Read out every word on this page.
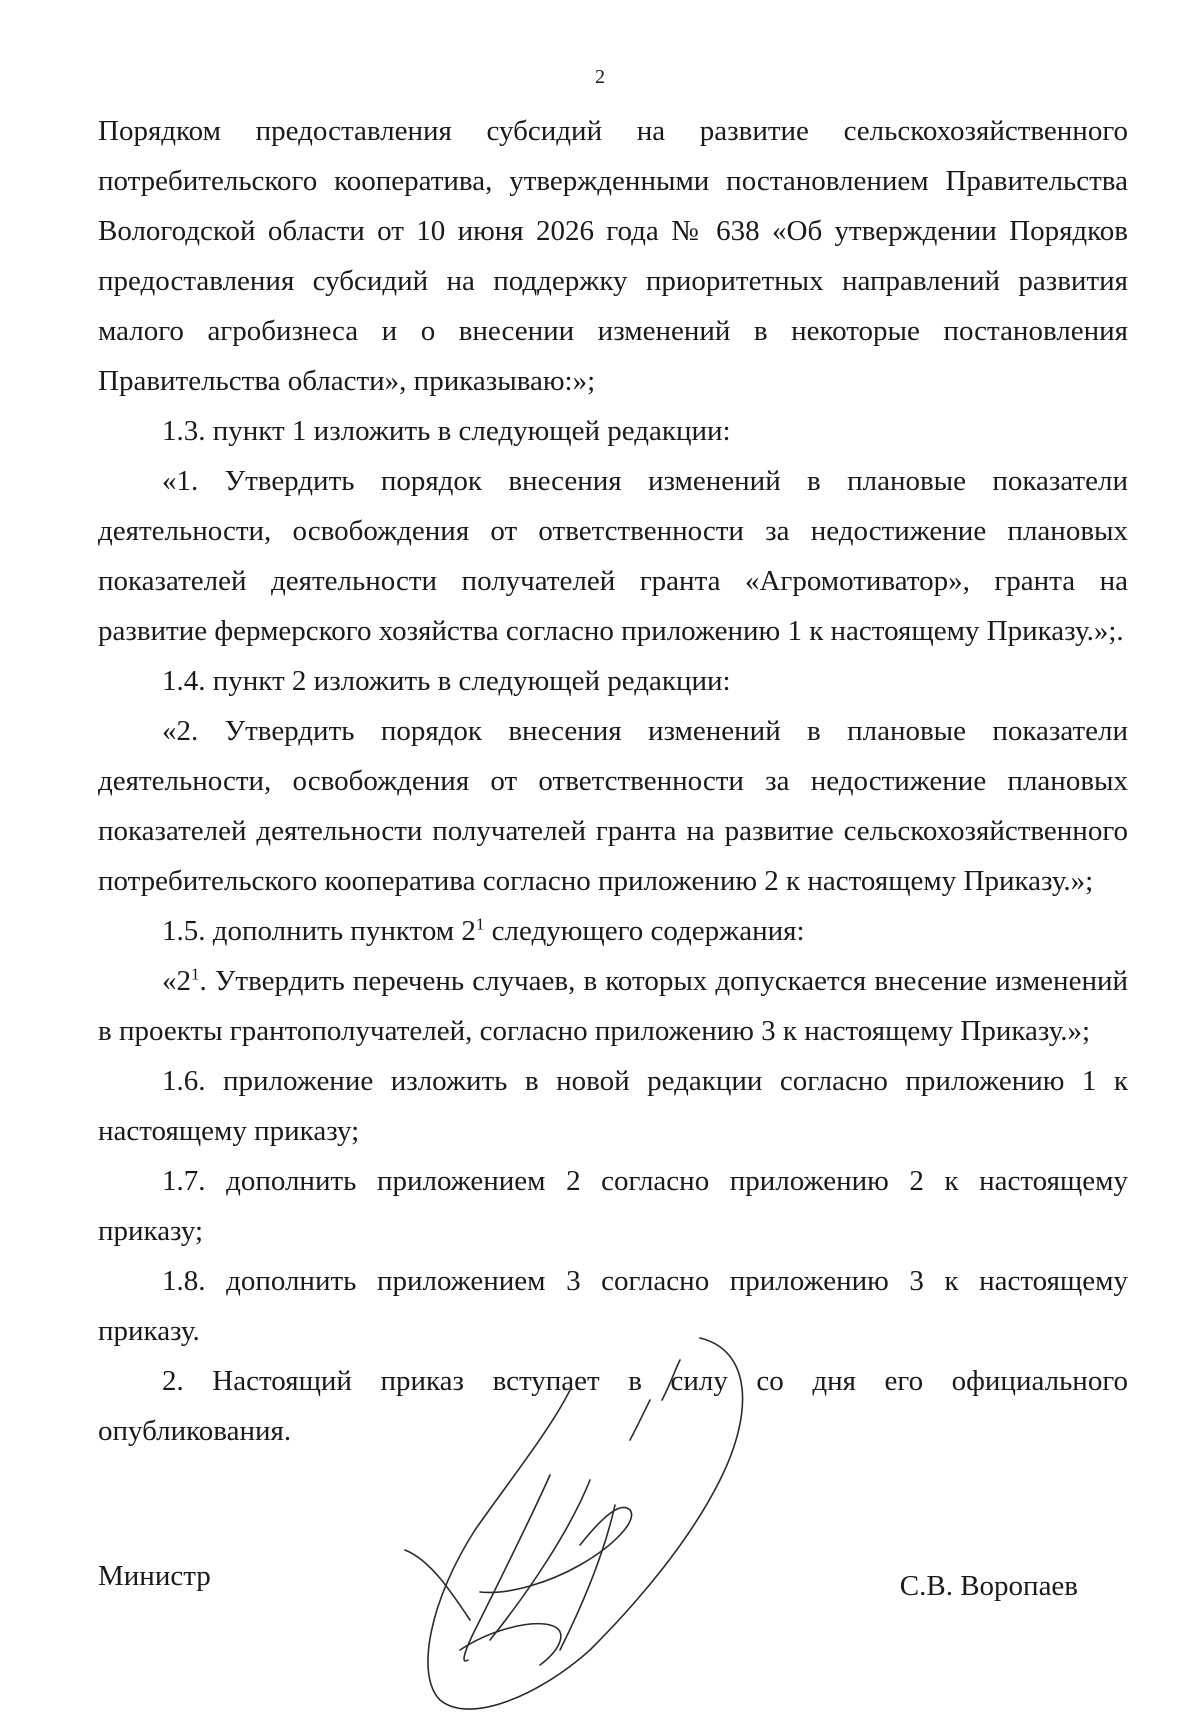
2

Порядком предоставления субсидий на развитие сельскохозяйственного потребительского кооператива, утвержденными постановлением Правительства Вологодской области от 10 июня 2026 года № 638 «Об утверждении Порядков предоставления субсидий на поддержку приоритетных направлений развития малого агробизнеса и о внесении изменений в некоторые постановления Правительства области», приказываю:»;

1.3. пункт 1 изложить в следующей редакции:

«1. Утвердить порядок внесения изменений в плановые показатели деятельности, освобождения от ответственности за недостижение плановых показателей деятельности получателей гранта «Агромотиватор», гранта на развитие фермерского хозяйства согласно приложению 1 к настоящему Приказу.»;.

1.4. пункт 2 изложить в следующей редакции:

«2. Утвердить порядок внесения изменений в плановые показатели деятельности, освобождения от ответственности за недостижение плановых показателей деятельности получателей гранта на развитие сельскохозяйственного потребительского кооператива согласно приложению 2 к настоящему Приказу.»;

1.5. дополнить пунктом $2^1$ следующего содержания:

«$2^1$. Утвердить перечень случаев, в которых допускается внесение изменений в проекты грантополучателей, согласно приложению 3 к настоящему Приказу.»;

1.6. приложение изложить в новой редакции согласно приложению 1 к настоящему приказу;

1.7. дополнить приложением 2 согласно приложению 2 к настоящему приказу;

1.8. дополнить приложением 3 согласно приложению 3 к настоящему приказу.

2. Настоящий приказ вступает в силу со дня его официального опубликования.

Министр	С.В. Воропаев
